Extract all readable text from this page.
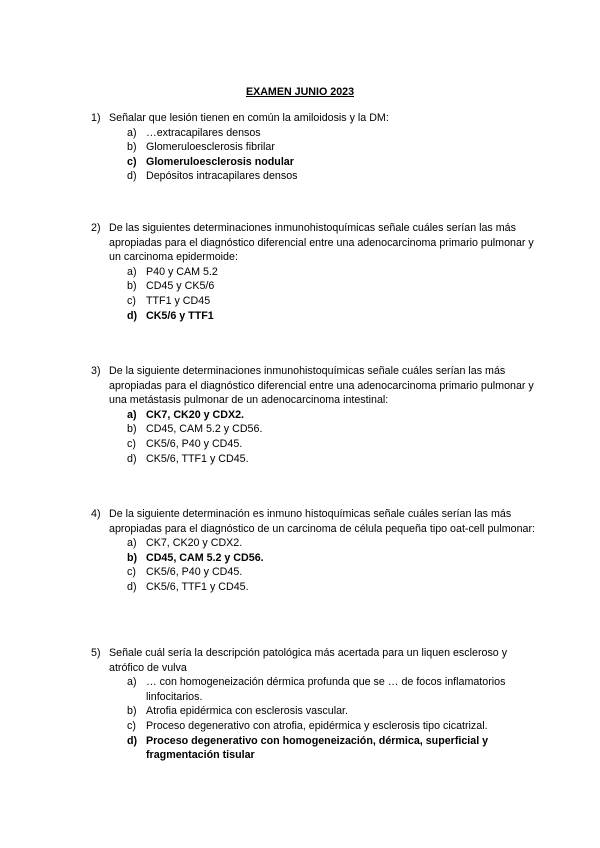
EXAMEN JUNIO 2023
1) Señalar que lesión tienen en común la amiloidosis y la DM:
a) …extracapilares densos
b) Glomeruloesclerosis fibrilar
c) Glomeruloesclerosis nodular
d) Depósitos intracapilares densos
2) De las siguientes determinaciones inmunohistoquímicas señale cuáles serían las más apropiadas para el diagnóstico diferencial entre una adenocarcinoma primario pulmonar y un carcinoma epidermoide:
a) P40 y CAM 5.2
b) CD45 y CK5/6
c) TTF1 y CD45
d) CK5/6 y TTF1
3) De la siguiente determinaciones inmunohistoquímicas señale cuáles serían las más apropiadas para el diagnóstico diferencial entre una adenocarcinoma primario pulmonar y una metástasis pulmonar de un adenocarcinoma intestinal:
a) CK7, CK20 y CDX2.
b) CD45, CAM 5.2 y CD56.
c) CK5/6, P40 y CD45.
d) CK5/6, TTF1 y CD45.
4) De la siguiente determinación es inmuno histoquímicas señale cuáles serían las más apropiadas para el diagnóstico de un carcinoma de célula pequeña tipo oat-cell pulmonar:
a) CK7, CK20 y CDX2.
b) CD45, CAM 5.2 y CD56.
c) CK5/6, P40 y CD45.
d) CK5/6, TTF1 y CD45.
5) Señale cuál sería la descripción patológica más acertada para un liquen escleroso y atrófico de vulva
a) … con homogeneización dérmica profunda que se … de focos inflamatorios linfocitarios.
b) Atrofia epidérmica con esclerosis vascular.
c) Proceso degenerativo con atrofia, epidérmica y esclerosis tipo cicatrizal.
d) Proceso degenerativo con homogeneización, dérmica, superficial y fragmentación tisular
